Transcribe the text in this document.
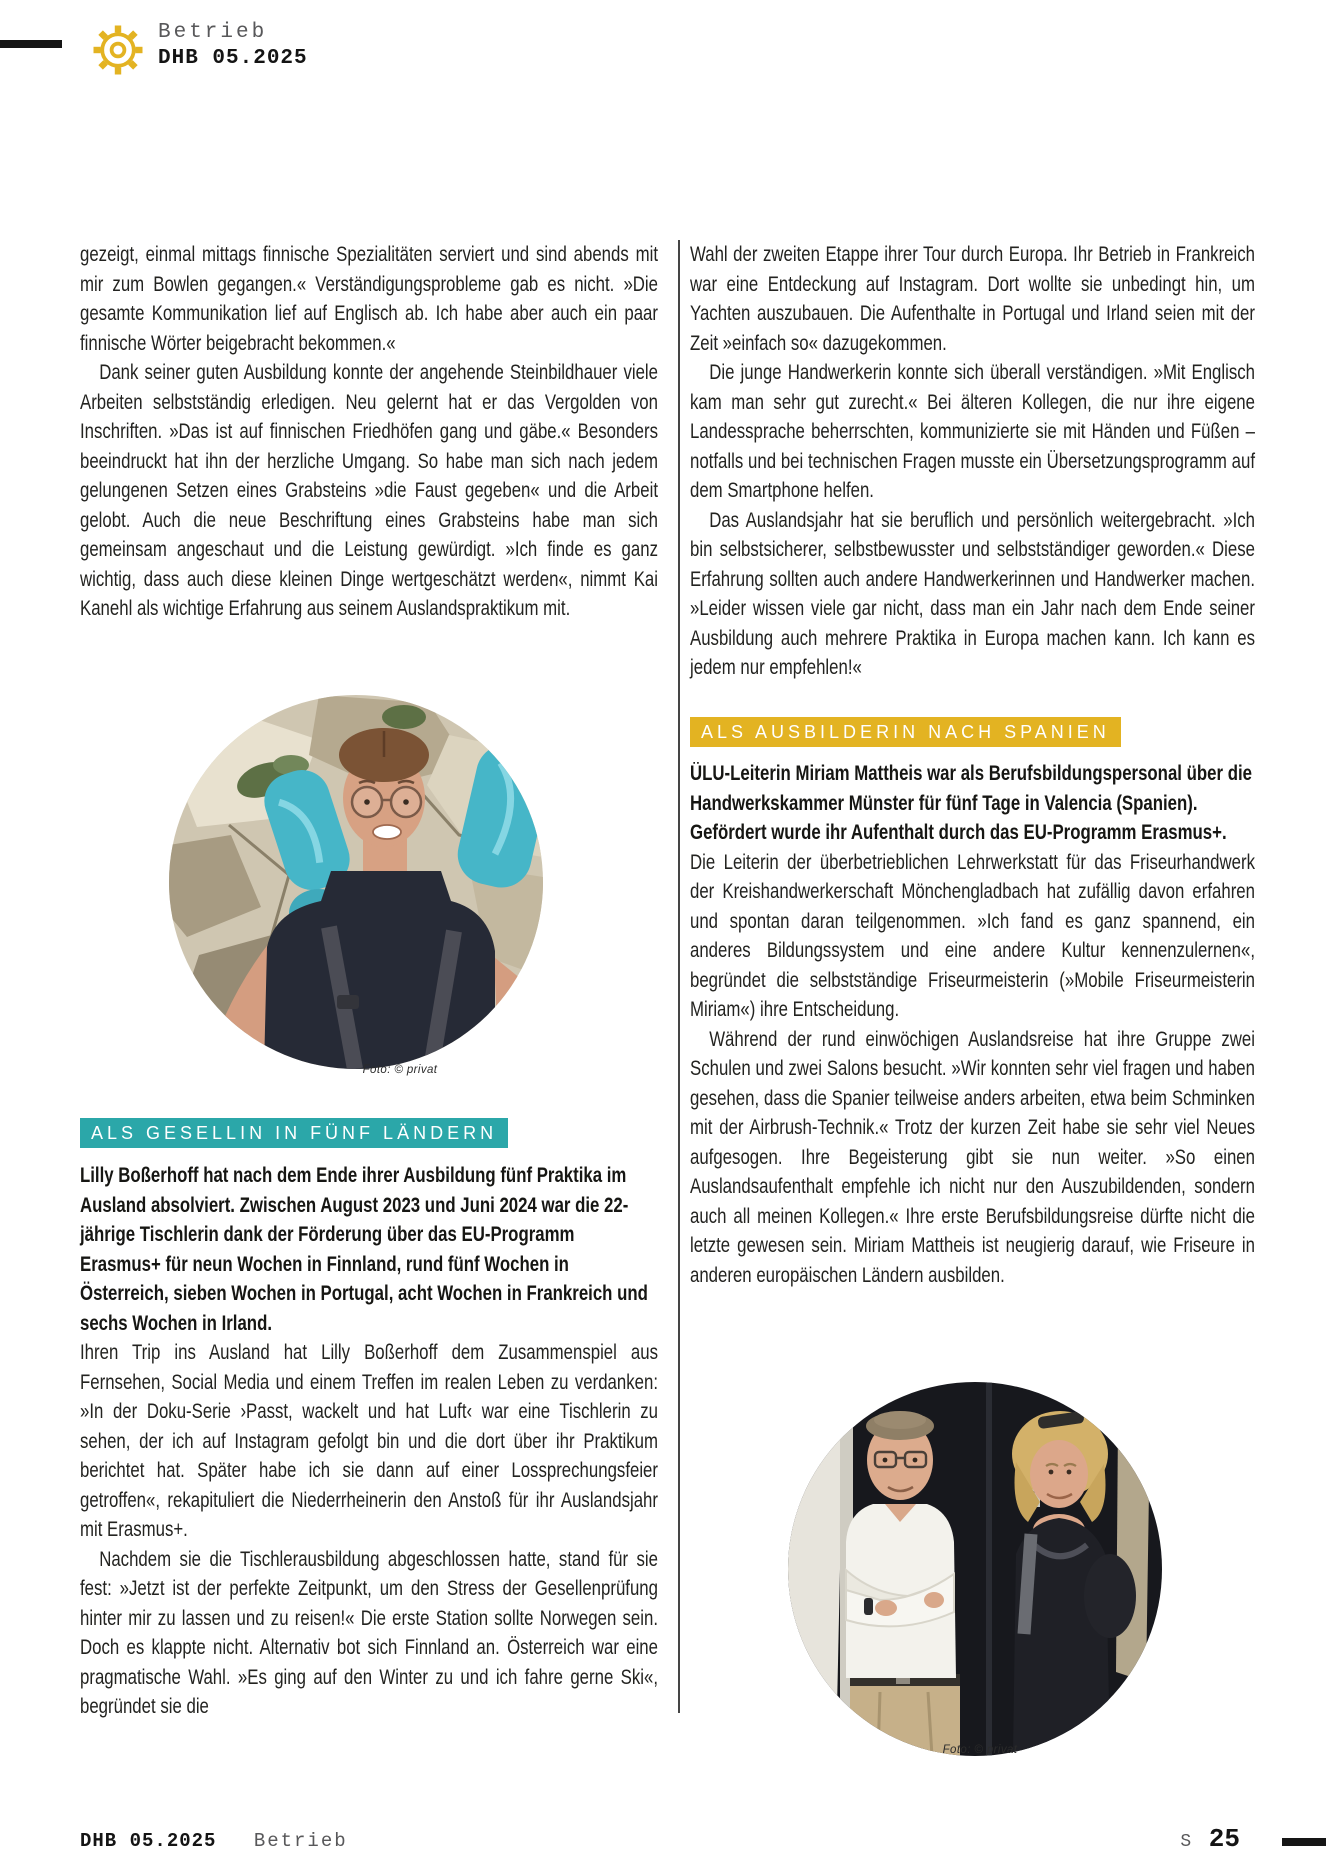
Betrieb
DHB 05.2025

gezeigt, einmal mittags finnische Spezialitäten serviert und sind abends mit mir zum Bowlen gegangen.« Verständigungsprobleme gab es nicht. »Die gesamte Kommunikation lief auf Englisch ab. Ich habe aber auch ein paar finnische Wörter beigebracht bekommen.«

Dank seiner guten Ausbildung konnte der angehende Steinbildhauer viele Arbeiten selbstständig erledigen. Neu gelernt hat er das Vergolden von Inschriften. »Das ist auf finnischen Friedhöfen gang und gäbe.« Besonders beeindruckt hat ihn der herzliche Umgang. So habe man sich nach jedem gelungenen Setzen eines Grabsteins »die Faust gegeben« und die Arbeit gelobt. Auch die neue Beschriftung eines Grabsteins habe man sich gemeinsam angeschaut und die Leistung gewürdigt. »Ich finde es ganz wichtig, dass auch diese kleinen Dinge wertgeschätzt werden«, nimmt Kai Kanehl als wichtige Erfahrung aus seinem Auslandspraktikum mit.

Foto: © privat
ALS GESELLIN IN FÜNF LÄNDERN

Lilly Boßerhoff hat nach dem Ende ihrer Ausbildung fünf Praktika im Ausland absolviert. Zwischen August 2023 und Juni 2024 war die 22-jährige Tischlerin dank der Förderung über das EU-Programm Erasmus+ für neun Wochen in Finnland, rund fünf Wochen in Österreich, sieben Wochen in Portugal, acht Wochen in Frankreich und sechs Wochen in Irland.

Ihren Trip ins Ausland hat Lilly Boßerhoff dem Zusammenspiel aus Fernsehen, Social Media und einem Treffen im realen Leben zu verdanken: »In der Doku-Serie ›Passt, wackelt und hat Luft‹ war eine Tischlerin zu sehen, der ich auf Instagram gefolgt bin und die dort über ihr Praktikum berichtet hat. Später habe ich sie dann auf einer Lossprechungsfeier getroffen«, rekapituliert die Niederrheinerin den Anstoß für ihr Auslandsjahr mit Erasmus+.

Nachdem sie die Tischlerausbildung abgeschlossen hatte, stand für sie fest: »Jetzt ist der perfekte Zeitpunkt, um den Stress der Gesellenprüfung hinter mir zu lassen und zu reisen!« Die erste Station sollte Norwegen sein. Doch es klappte nicht. Alternativ bot sich Finnland an. Österreich war eine pragmatische Wahl. »Es ging auf den Winter zu und ich fahre gerne Ski«, begründet sie die

Wahl der zweiten Etappe ihrer Tour durch Europa. Ihr Betrieb in Frankreich war eine Entdeckung auf Instagram. Dort wollte sie unbedingt hin, um Yachten auszubauen. Die Aufenthalte in Portugal und Irland seien mit der Zeit »einfach so« dazugekommen.

Die junge Handwerkerin konnte sich überall verständigen. »Mit Englisch kam man sehr gut zurecht.« Bei älteren Kollegen, die nur ihre eigene Landessprache beherrschten, kommunizierte sie mit Händen und Füßen – notfalls und bei technischen Fragen musste ein Übersetzungsprogramm auf dem Smartphone helfen.

Das Auslandsjahr hat sie beruflich und persönlich weitergebracht. »Ich bin selbstsicherer, selbstbewusster und selbstständiger geworden.« Diese Erfahrung sollten auch andere Handwerkerinnen und Handwerker machen. »Leider wissen viele gar nicht, dass man ein Jahr nach dem Ende seiner Ausbildung auch mehrere Praktika in Europa machen kann. Ich kann es jedem nur empfehlen!«

ALS AUSBILDERIN NACH SPANIEN

ÜLU-Leiterin Miriam Mattheis war als Berufsbildungspersonal über die Handwerkskammer Münster für fünf Tage in Valencia (Spanien). Gefördert wurde ihr Aufenthalt durch das EU-Programm Erasmus+.

Die Leiterin der überbetrieblichen Lehrwerkstatt für das Friseurhandwerk der Kreishandwerkerschaft Mönchengladbach hat zufällig davon erfahren und spontan daran teilgenommen. »Ich fand es ganz spannend, ein anderes Bildungssystem und eine andere Kultur kennenzulernen«, begründet die selbstständige Friseurmeisterin (»Mobile Friseurmeisterin Miriam«) ihre Entscheidung.

Während der rund einwöchigen Auslandsreise hat ihre Gruppe zwei Schulen und zwei Salons besucht. »Wir konnten sehr viel fragen und haben gesehen, dass die Spanier teilweise anders arbeiten, etwa beim Schminken mit der Airbrush-Technik.« Trotz der kurzen Zeit habe sie sehr viel Neues aufgesogen. Ihre Begeisterung gibt sie nun weiter. »So einen Auslandsaufenthalt empfehle ich nicht nur den Auszubildenden, sondern auch all meinen Kollegen.« Ihre erste Berufsbildungsreise dürfte nicht die letzte gewesen sein. Miriam Mattheis ist neugierig darauf, wie Friseure in anderen europäischen Ländern ausbilden.

Foto: © privat
DHB 05.2025 Betrieb	S 25
